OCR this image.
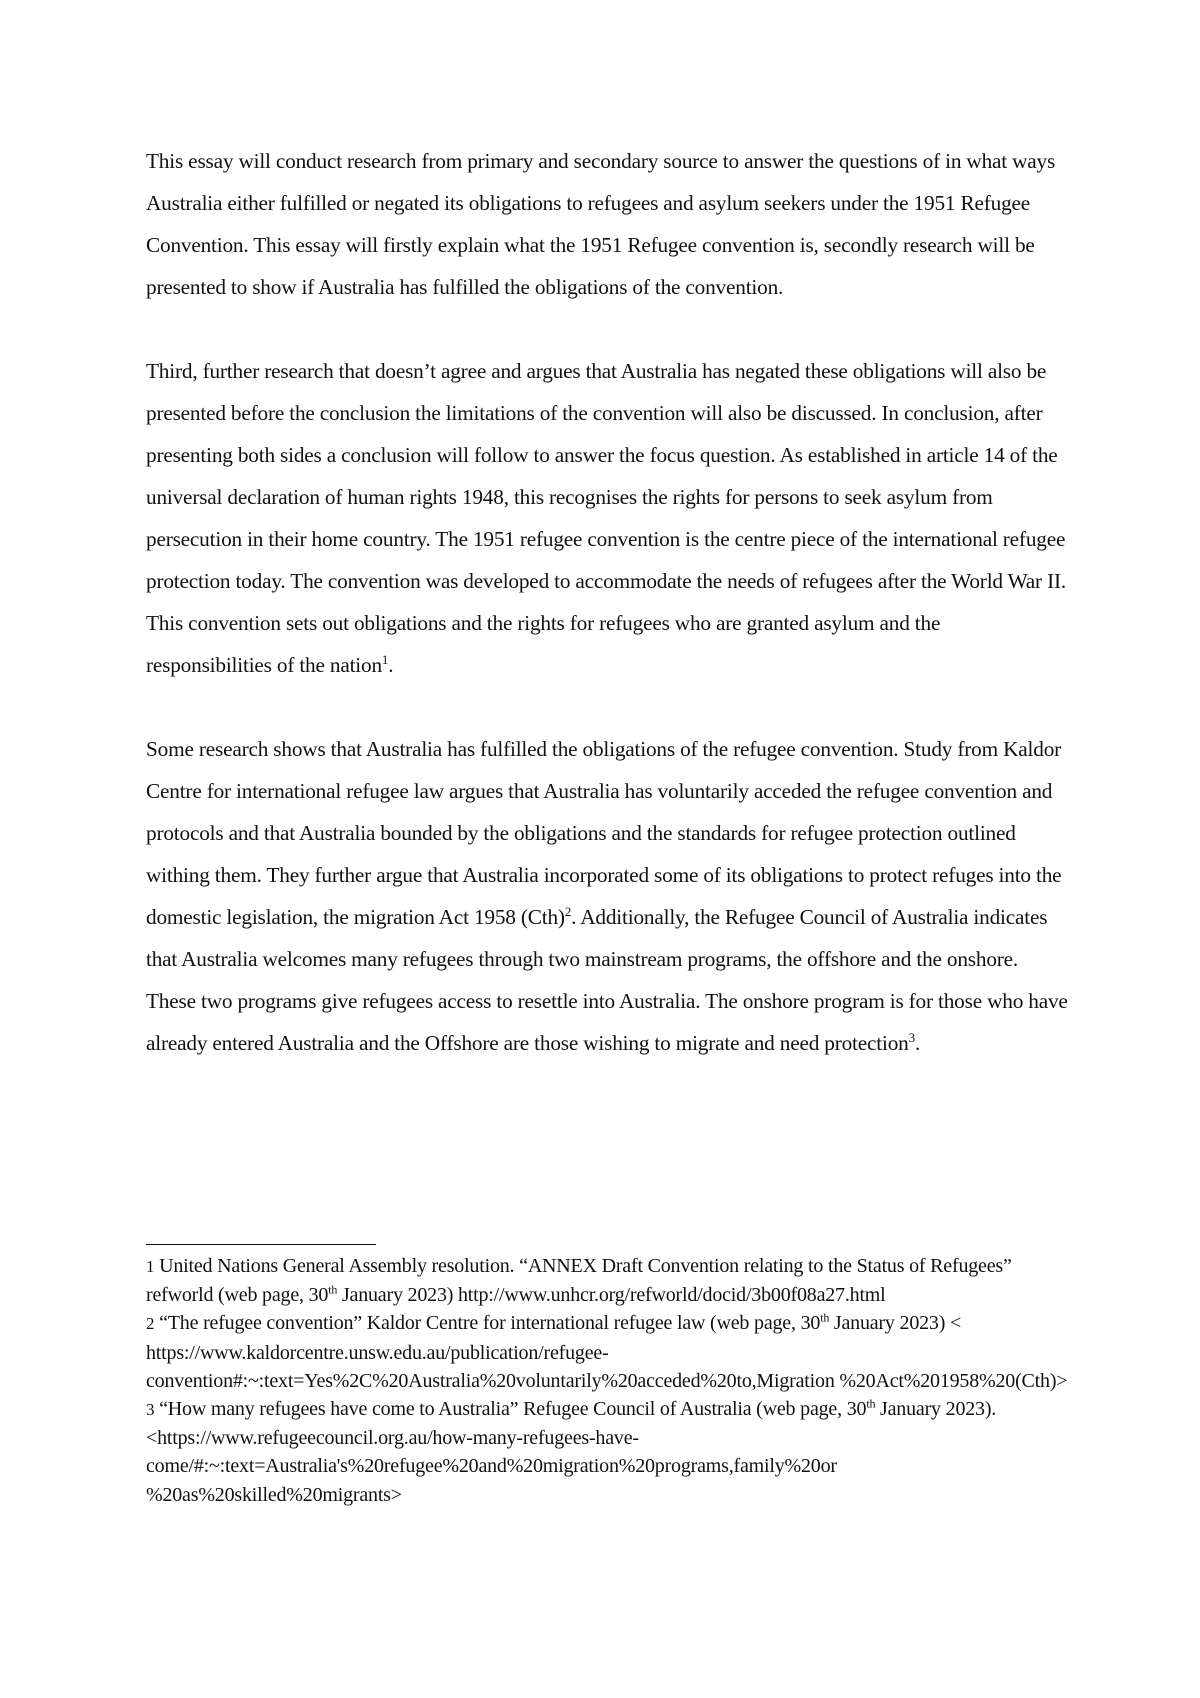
This essay will conduct research from primary and secondary source to answer the questions of in what ways Australia either fulfilled or negated its obligations to refugees and asylum seekers under the 1951 Refugee Convention. This essay will firstly explain what the 1951 Refugee convention is, secondly research will be presented to show if Australia has fulfilled the obligations of the convention.

Third, further research that doesn’t agree and argues that Australia has negated these obligations will also be presented before the conclusion the limitations of the convention will also be discussed. In conclusion, after presenting both sides a conclusion will follow to answer the focus question. As established in article 14 of the universal declaration of human rights 1948, this recognises the rights for persons to seek asylum from persecution in their home country. The 1951 refugee convention is the centre piece of the international refugee protection today. The convention was developed to accommodate the needs of refugees after the World War II. This convention sets out obligations and the rights for refugees who are granted asylum and the responsibilities of the nation$^1$.

Some research shows that Australia has fulfilled the obligations of the refugee convention. Study from Kaldor Centre for international refugee law argues that Australia has voluntarily acceded the refugee convention and protocols and that Australia bounded by the obligations and the standards for refugee protection outlined withing them. They further argue that Australia incorporated some of its obligations to protect refuges into the domestic legislation, the migration Act 1958 (Cth)$^2$. Additionally, the Refugee Council of Australia indicates that Australia welcomes many refugees through two mainstream programs, the offshore and the onshore. These two programs give refugees access to resettle into Australia. The onshore program is for those who have already entered Australia and the Offshore are those wishing to migrate and need protection$^3$.

1 United Nations General Assembly resolution. “ANNEX Draft Convention relating to the Status of Refugees” refworld (web page, 30th January 2023) http://www.unhcr.org/refworld/docid/3b00f08a27.html

2 “The refugee convention” Kaldor Centre for international refugee law (web page, 30th January 2023) < https://www.kaldorcentre.unsw.edu.au/publication/refugee-convention#:~:text=Yes%2C%20Australia%20voluntarily%20acceded%20to,Migration %20Act%201958%20(Cth)>

3 “How many refugees have come to Australia” Refugee Council of Australia (web page, 30th January 2023). <https://www.refugeecouncil.org.au/how-many-refugees-have-come/#:~:text=Australia's%20refugee%20and%20migration%20programs,family%20or %20as%20skilled%20migrants>
